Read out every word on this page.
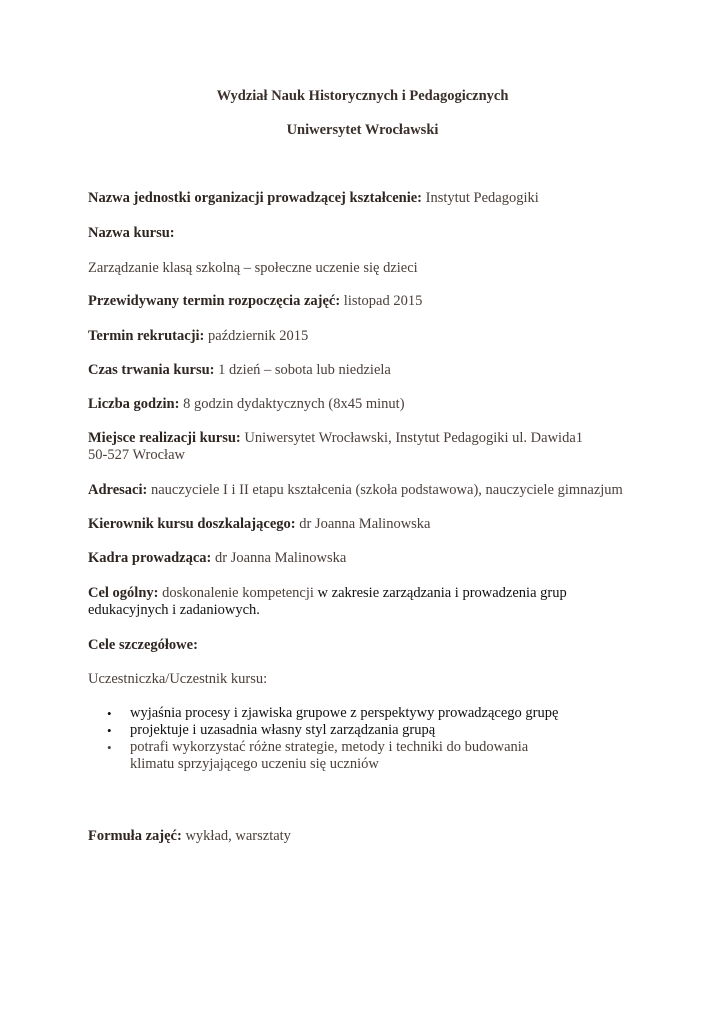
Wydział Nauk Historycznych i Pedagogicznych
Uniwersytet Wrocławski
Nazwa jednostki organizacji prowadzącej kształcenie: Instytut Pedagogiki
Nazwa kursu:
Zarządzanie klasą szkolną – społeczne uczenie się dzieci
Przewidywany termin rozpoczęcia zajęć: listopad 2015
Termin rekrutacji: październik 2015
Czas trwania kursu: 1 dzień – sobota lub niedziela
Liczba godzin: 8 godzin dydaktycznych (8x45 minut)
Miejsce realizacji kursu: Uniwersytet Wrocławski, Instytut Pedagogiki ul. Dawida1
50-527 Wrocław
Adresaci: nauczyciele I i II etapu kształcenia (szkoła podstawowa), nauczyciele gimnazjum
Kierownik kursu doszkalającego: dr Joanna Malinowska
Kadra prowadząca: dr Joanna Malinowska
Cel ogólny: doskonalenie kompetencji w zakresie zarządzania i prowadzenia grup
edukacyjnych i zadaniowych.
Cele szczegółowe:
Uczestniczka/Uczestnik kursu:
• wyjaśnia procesy i zjawiska grupowe z perspektywy prowadzącego grupę
• projektuje i uzasadnia własny styl zarządzania grupą
• potrafi wykorzystać różne strategie, metody i techniki do budowania klimatu sprzyjającego uczeniu się uczniów
Formuła zajęć: wykład, warsztaty
